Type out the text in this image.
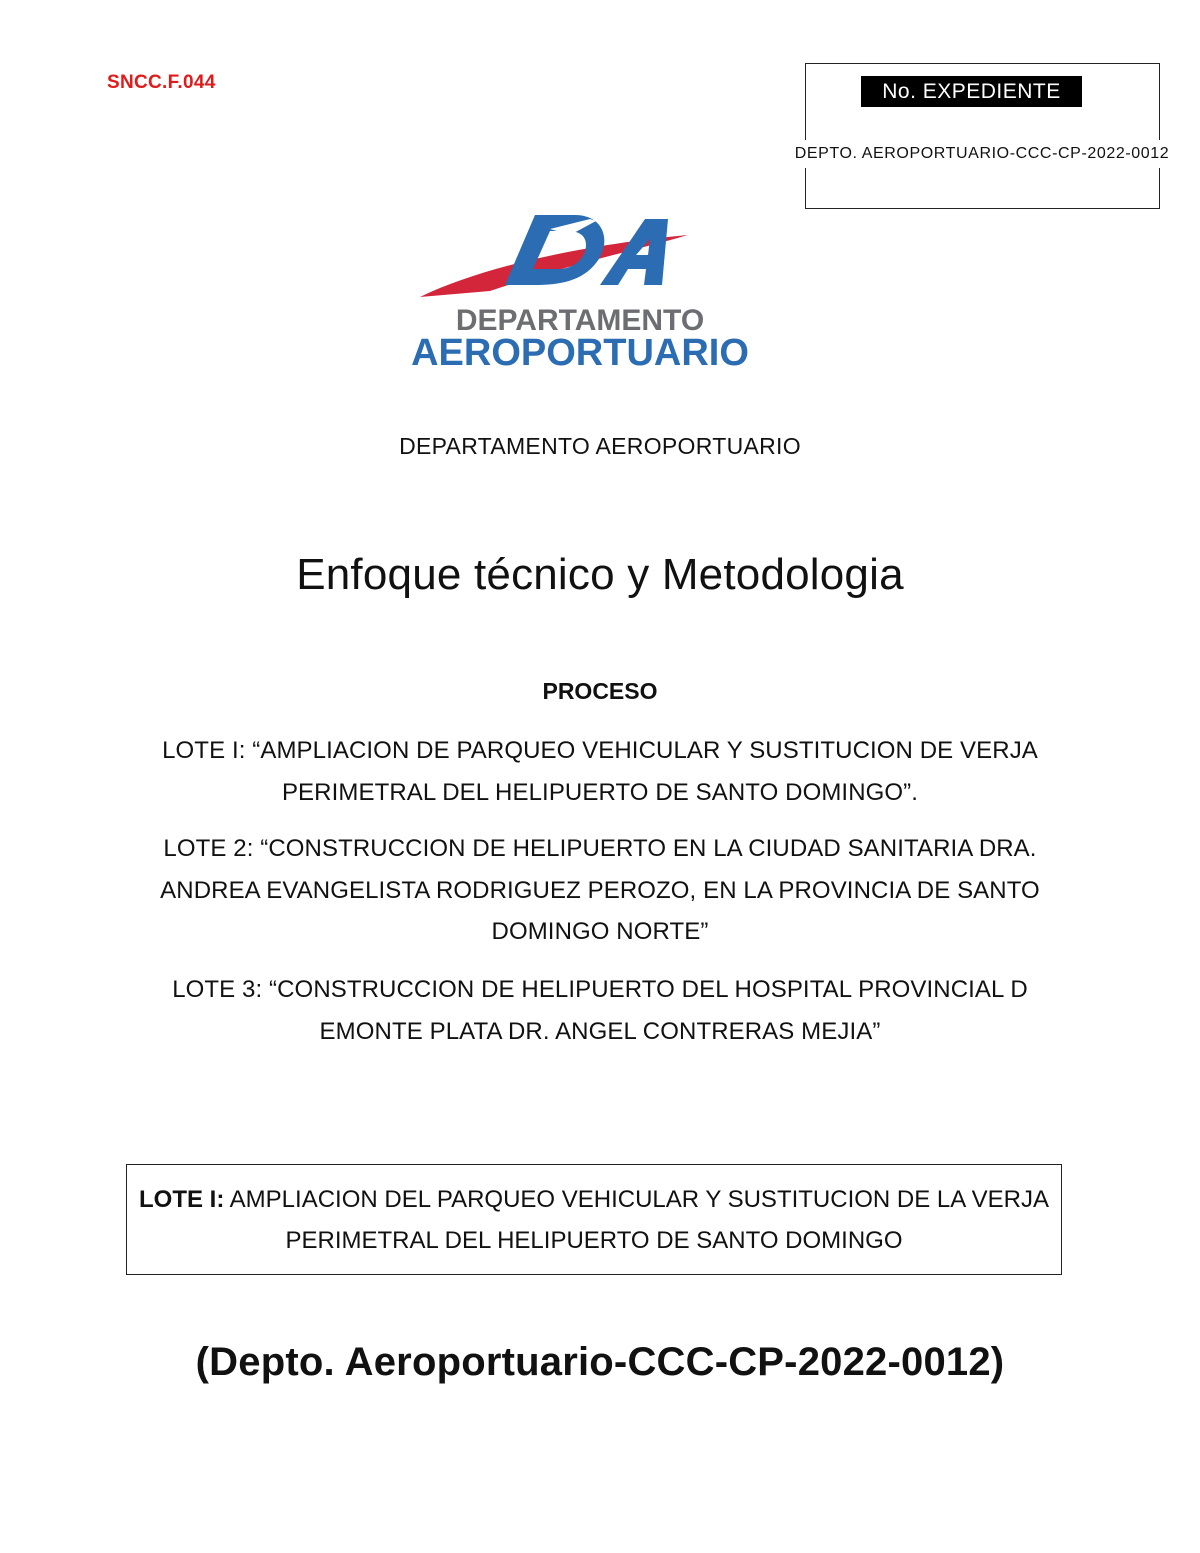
SNCC.F.044	No. EXPEDIENTE
DEPTO. AEROPORTUARIO-CCC-CP-2022-0012
DEPARTAMENTO
AEROPORTUARIO
DEPARTAMENTO AEROPORTUARIO
Enfoque técnico y Metodologia
PROCESO
LOTE I: “AMPLIACION DE PARQUEO VEHICULAR Y SUSTITUCION DE VERJA PERIMETRAL DEL HELIPUERTO DE SANTO DOMINGO”.
LOTE 2: “CONSTRUCCION DE HELIPUERTO EN LA CIUDAD SANITARIA DRA. ANDREA EVANGELISTA RODRIGUEZ PEROZO, EN LA PROVINCIA DE SANTO DOMINGO NORTE”
LOTE 3: “CONSTRUCCION DE HELIPUERTO DEL HOSPITAL PROVINCIAL D EMONTE PLATA DR. ANGEL CONTRERAS MEJIA”
LOTE I: AMPLIACION DEL PARQUEO VEHICULAR Y SUSTITUCION DE LA VERJA PERIMETRAL DEL HELIPUERTO DE SANTO DOMINGO
(Depto. Aeroportuario-CCC-CP-2022-0012)
